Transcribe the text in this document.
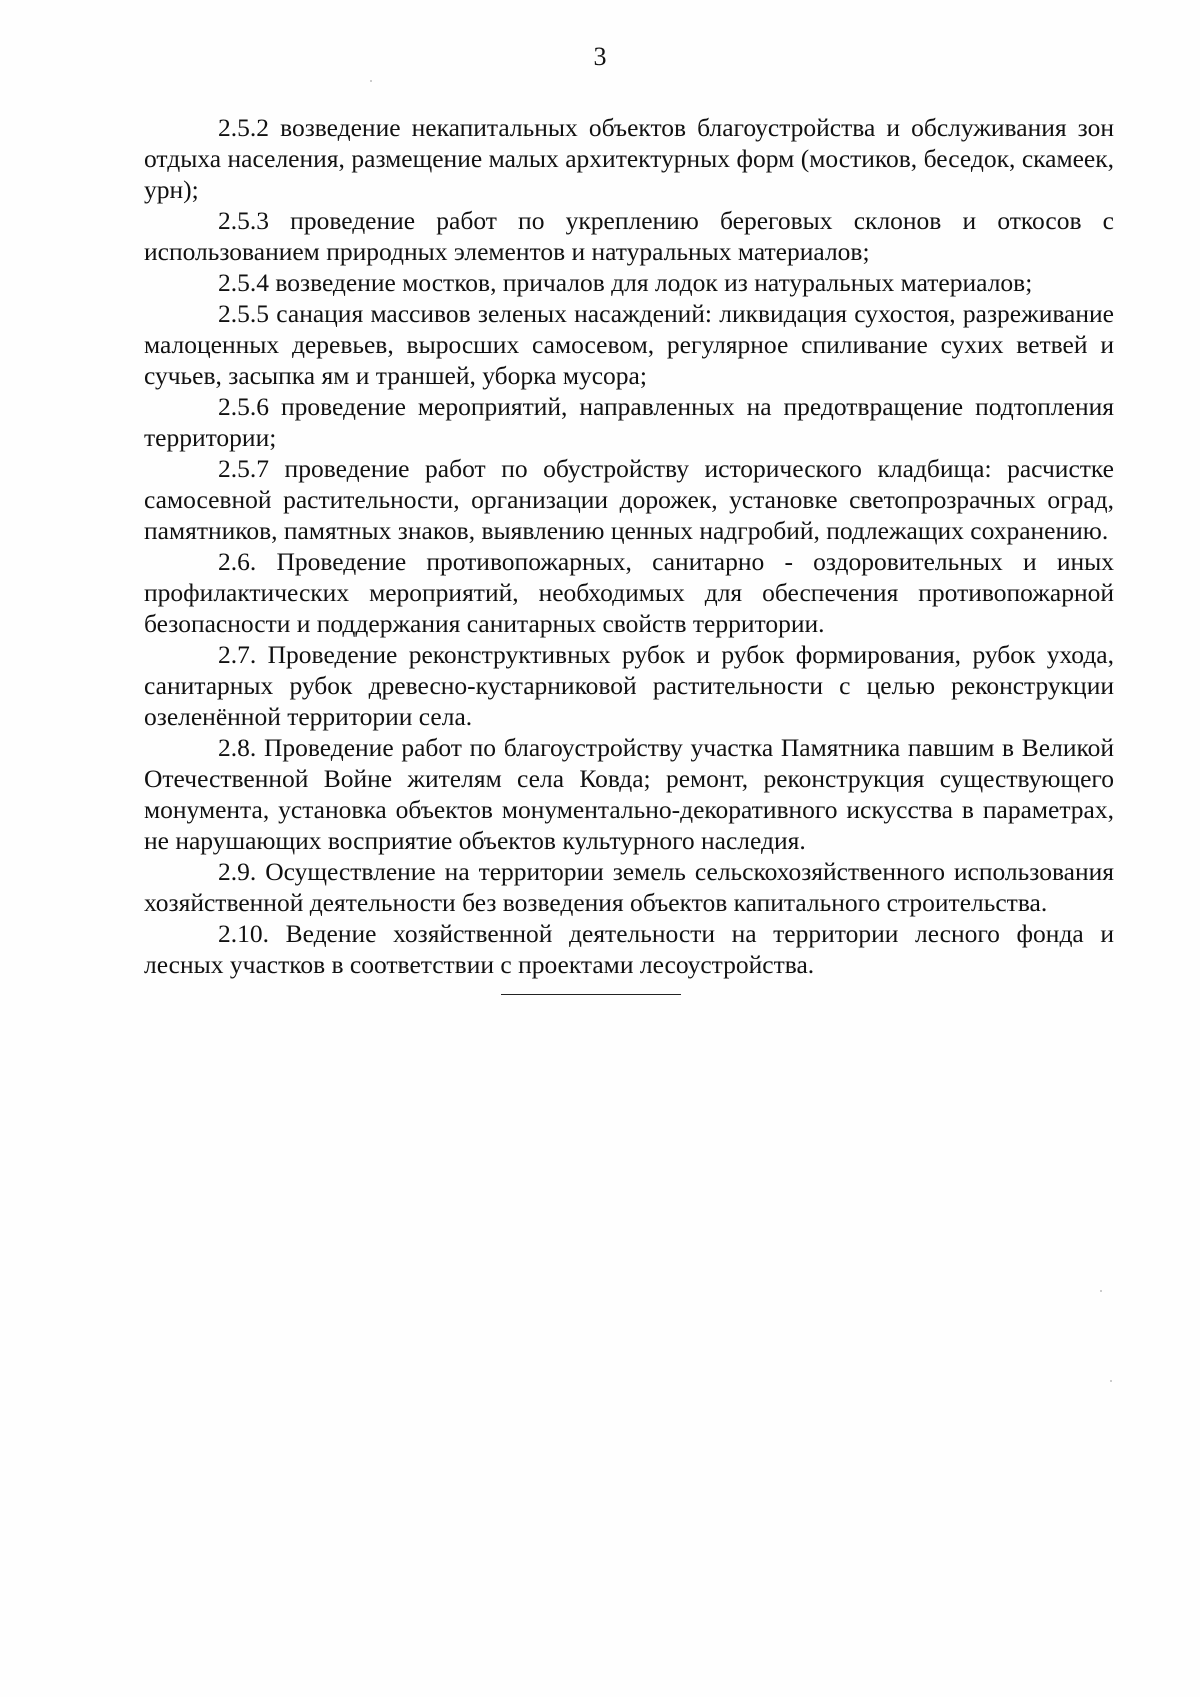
3

2.5.2 возведение некапитальных объектов благоустройства и обслуживания зон отдыха населения, размещение малых архитектурных форм (мостиков, беседок, скамеек, урн);

2.5.3 проведение работ по укреплению береговых склонов и откосов с использованием природных элементов и натуральных материалов;

2.5.4 возведение мостков, причалов для лодок из натуральных материалов;

2.5.5 санация массивов зеленых насаждений: ликвидация сухостоя, разреживание малоценных деревьев, выросших самосевом, регулярное спиливание сухих ветвей и сучьев, засыпка ям и траншей, уборка мусора;

2.5.6 проведение мероприятий, направленных на предотвращение подтопления территории;

2.5.7 проведение работ по обустройству исторического кладбища: расчистке самосевной растительности, организации дорожек, установке светопрозрачных оград, памятников, памятных знаков, выявлению ценных надгробий, подлежащих сохранению.

2.6. Проведение противопожарных, санитарно - оздоровительных и иных профилактических мероприятий, необходимых для обеспечения противопожарной безопасности и поддержания санитарных свойств территории.

2.7. Проведение реконструктивных рубок и рубок формирования, рубок ухода, санитарных рубок древесно-кустарниковой растительности с целью реконструкции озеленённой территории села.

2.8. Проведение работ по благоустройству участка Памятника павшим в Великой Отечественной Войне жителям села Ковда; ремонт, реконструкция существующего монумента, установка объектов монументально-декоративного искусства в параметрах, не нарушающих восприятие объектов культурного наследия.

2.9. Осуществление на территории земель сельскохозяйственного использования хозяйственной деятельности без возведения объектов капитального строительства.

2.10. Ведение хозяйственной деятельности на территории лесного фонда и лесных участков в соответствии с проектами лесоустройства.
